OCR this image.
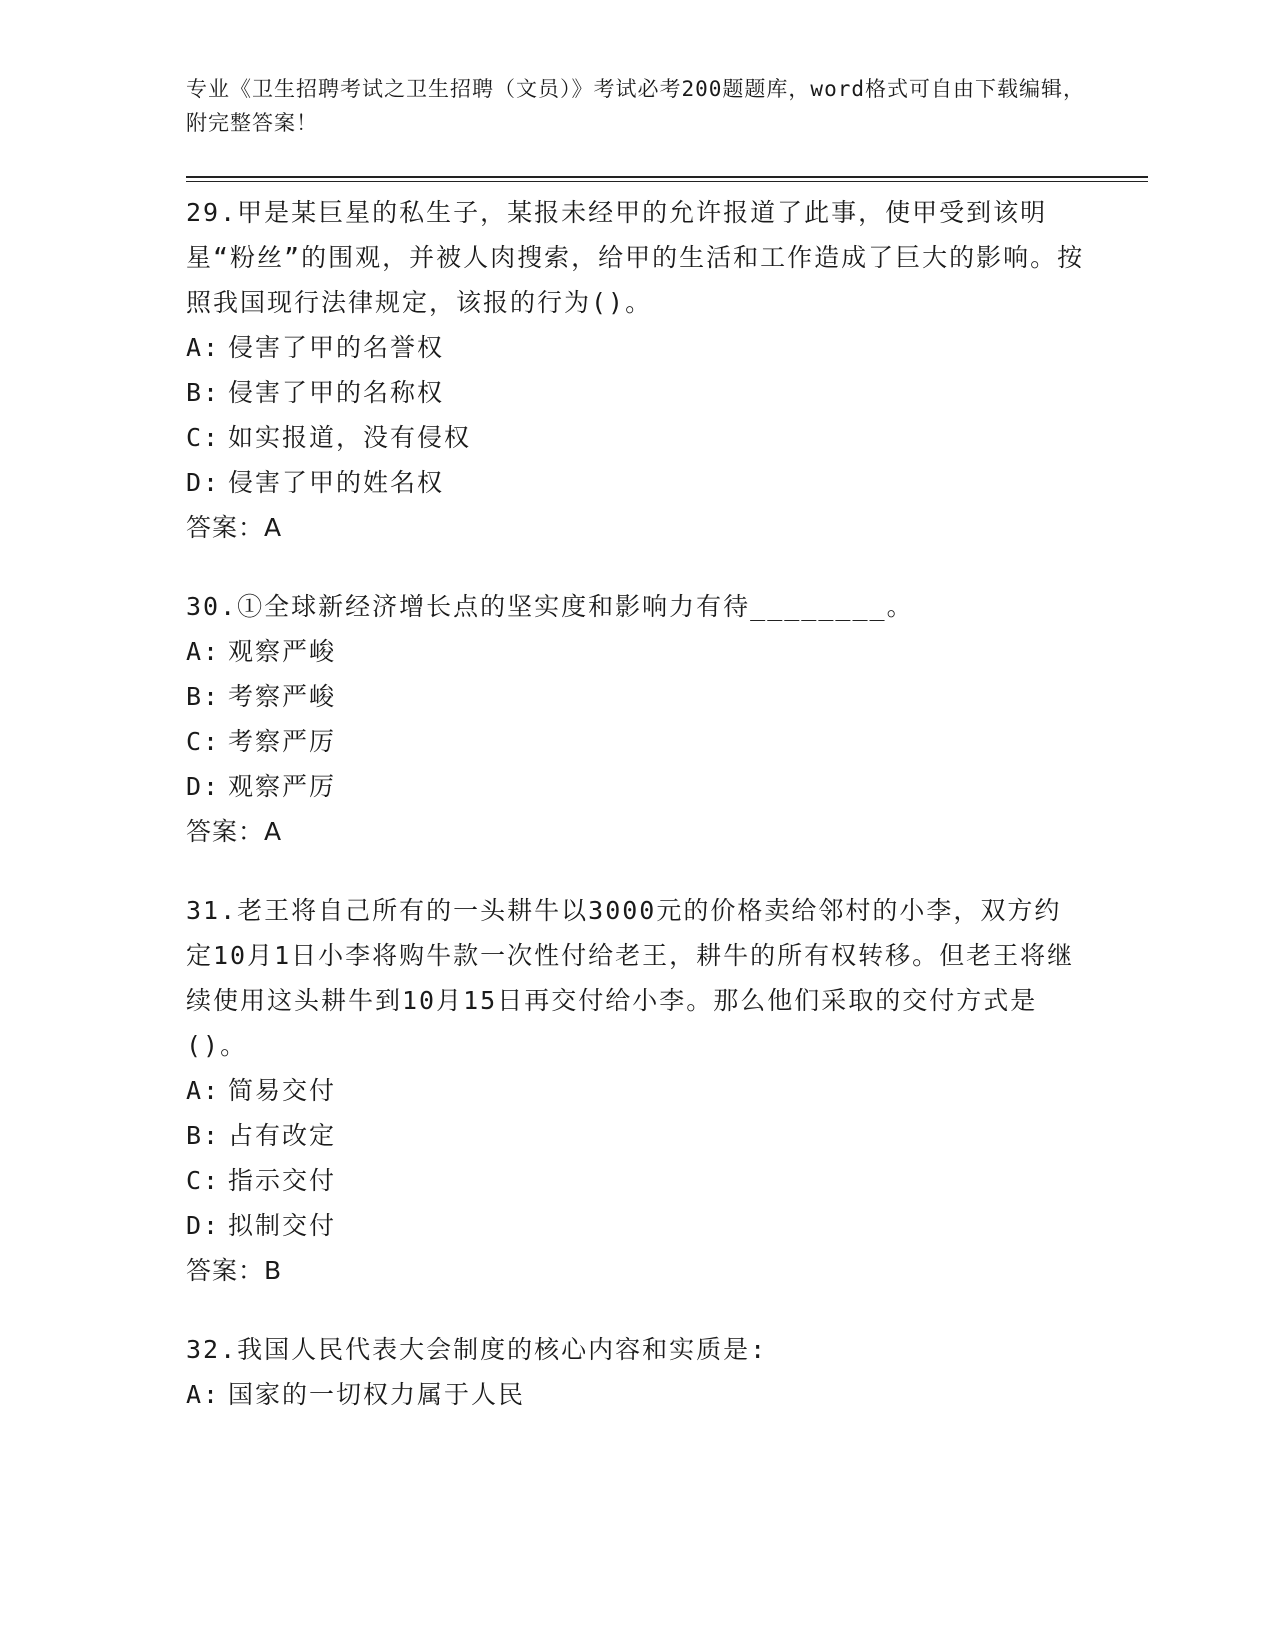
专业《卫生招聘考试之卫生招聘（文员）》考试必考200题题库，word格式可自由下载编辑，附完整答案！

29.甲是某巨星的私生子，某报未经甲的允许报道了此事，使甲受到该明星“粉丝”的围观，并被人肉搜索，给甲的生活和工作造成了巨大的影响。按照我国现行法律规定，该报的行为()。

A: 侵害了甲的名誉权

B: 侵害了甲的名称权

C: 如实报道，没有侵权

D: 侵害了甲的姓名权

答案：A

30.①全球新经济增长点的坚实度和影响力有待________。

A: 观察严峻

B: 考察严峻

C: 考察严厉

D: 观察严厉

答案：A

31.老王将自己所有的一头耕牛以3000元的价格卖给邻村的小李，双方约定10月1日小李将购牛款一次性付给老王，耕牛的所有权转移。但老王将继续使用这头耕牛到10月15日再交付给小李。那么他们采取的交付方式是()。

A: 简易交付

B: 占有改定

C: 指示交付

D: 拟制交付

答案：B

32.我国人民代表大会制度的核心内容和实质是:

A: 国家的一切权力属于人民
